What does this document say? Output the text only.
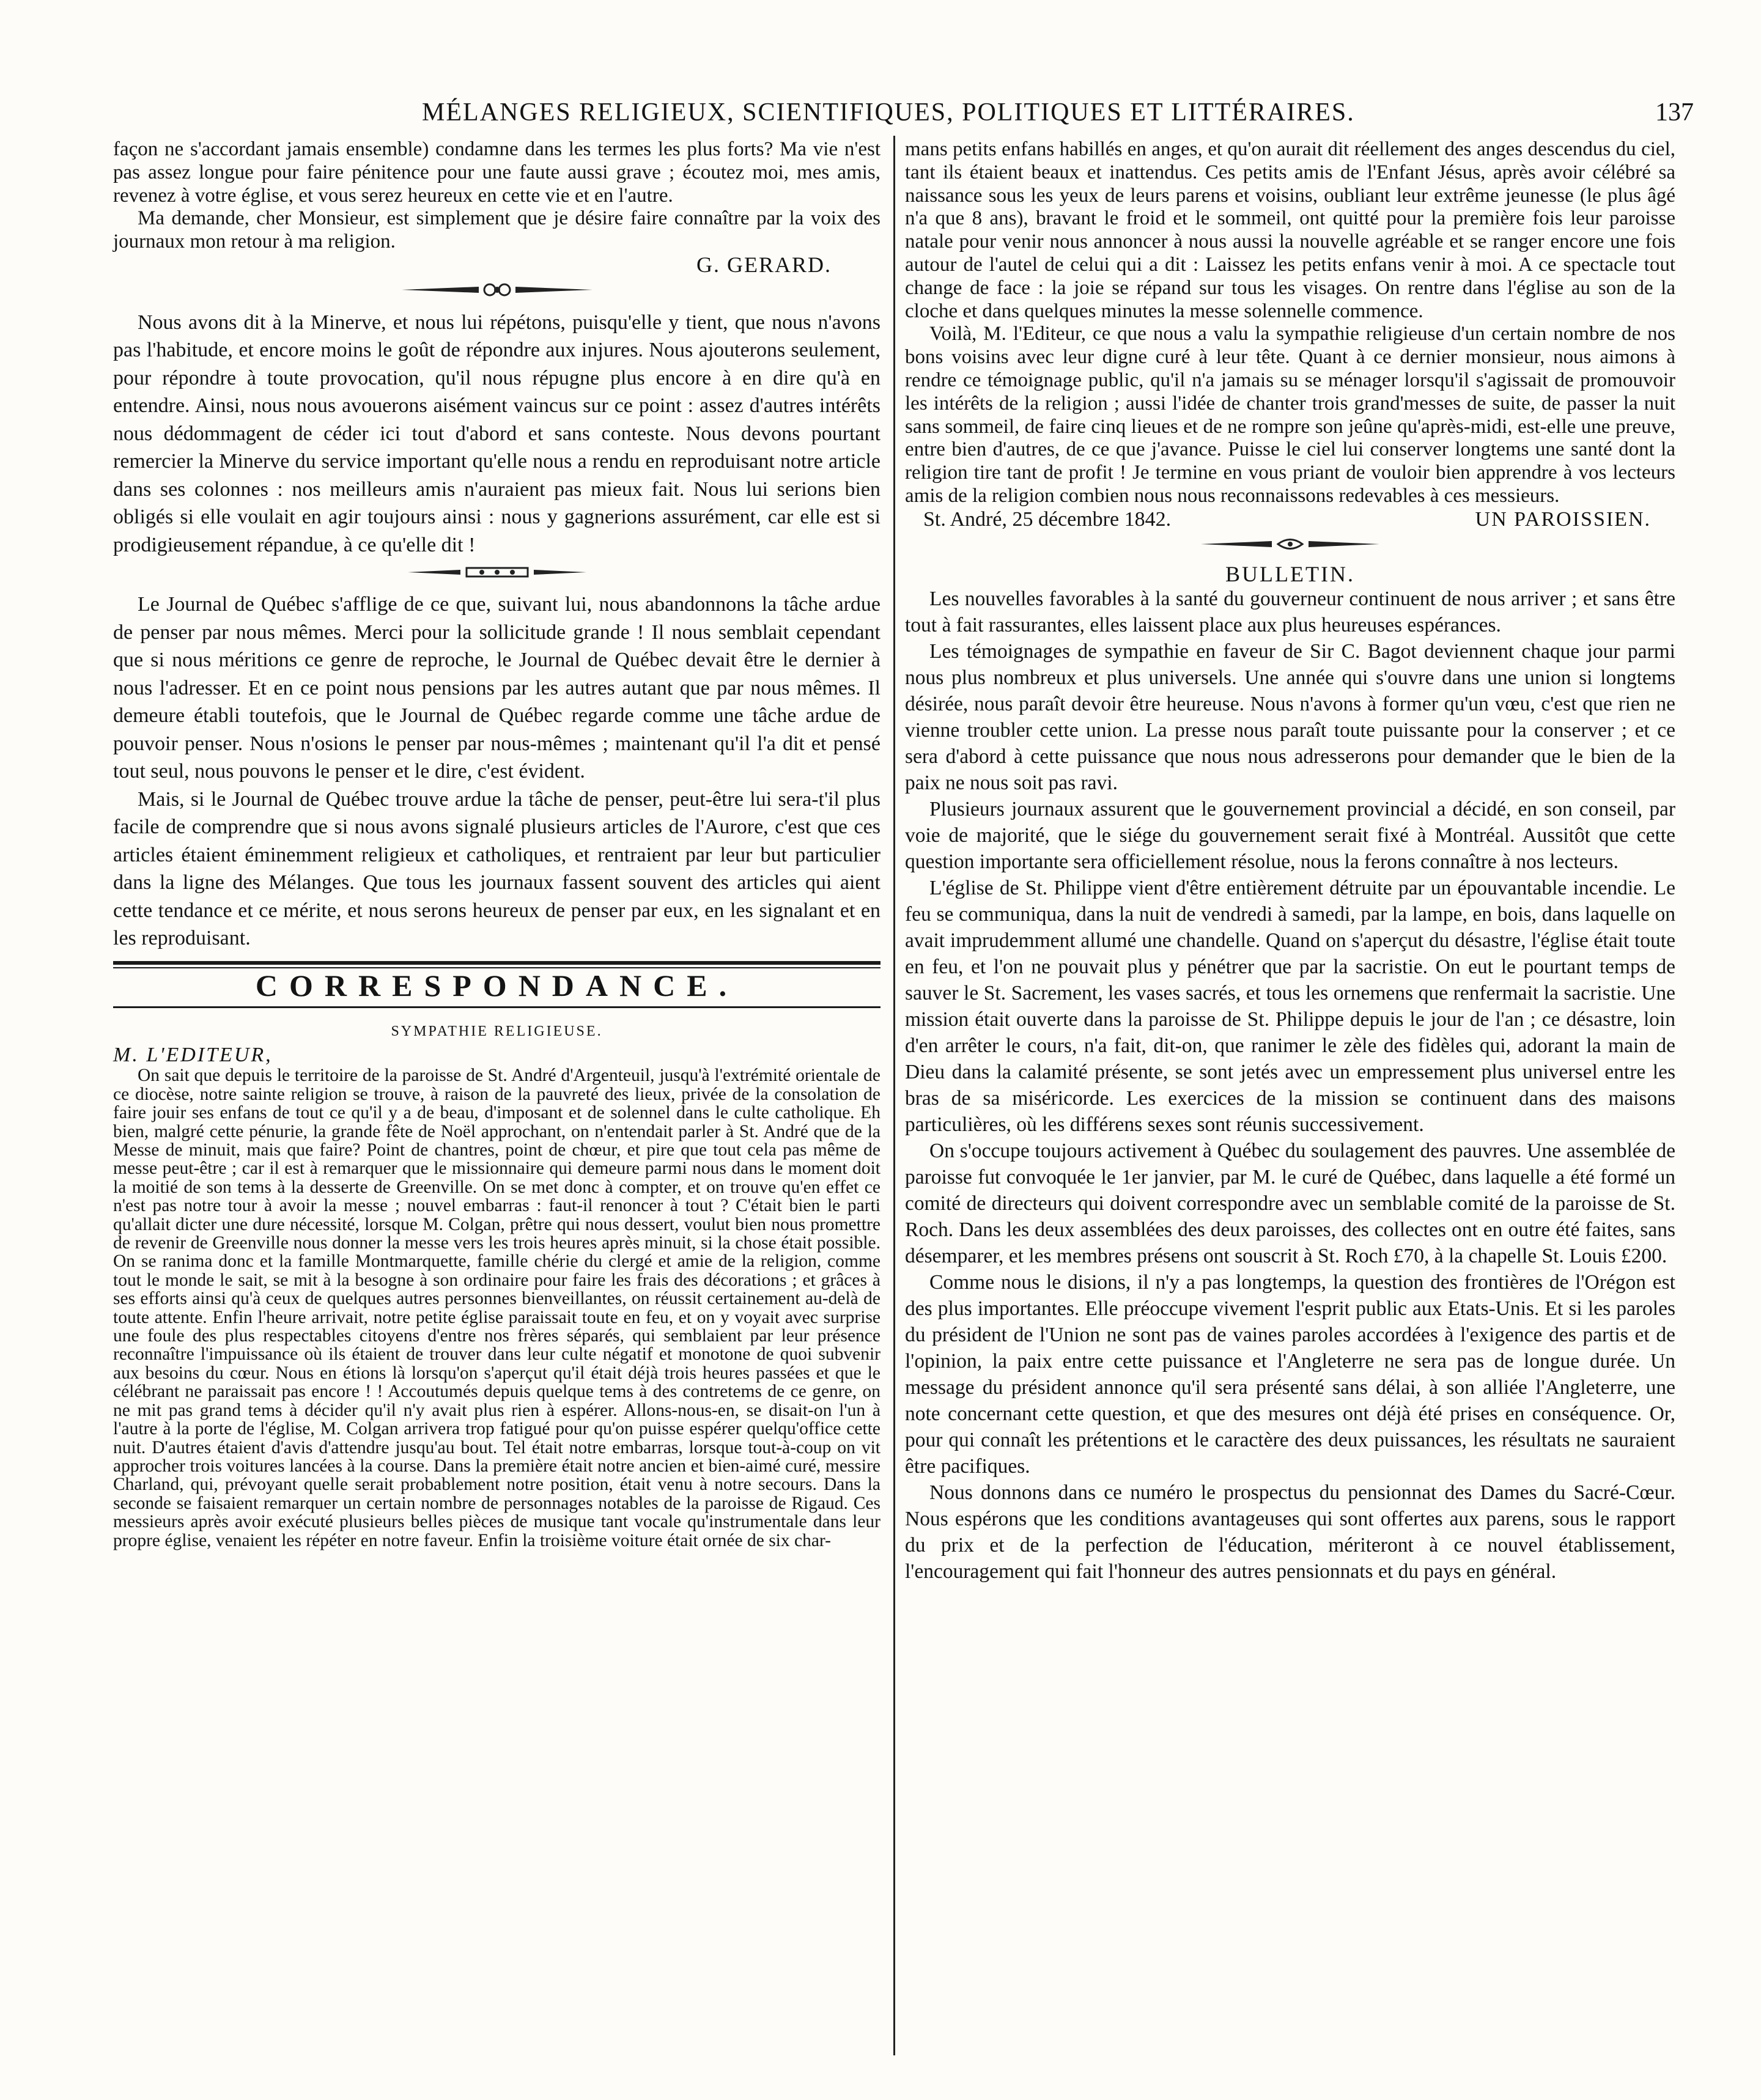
MÉLANGES RELIGIEUX, SCIENTIFIQUES, POLITIQUES ET LITTÉRAIRES.	137

façon ne s'accordant jamais ensemble) condamne dans les termes les plus forts? Ma vie n'est pas assez longue pour faire pénitence pour une faute aussi grave ; écoutez moi, mes amis, revenez à votre église, et vous serez heureux en cette vie et en l'autre.

Ma demande, cher Monsieur, est simplement que je désire faire connaître par la voix des journaux mon retour à ma religion.

G. GERARD.

Nous avons dit à la Minerve, et nous lui répétons, puisqu'elle y tient, que nous n'avons pas l'habitude, et encore moins le goût de répondre aux injures. Nous ajouterons seulement, pour répondre à toute provocation, qu'il nous répugne plus encore à en dire qu'à en entendre. Ainsi, nous nous avouerons aisément vaincus sur ce point : assez d'autres intérêts nous dédommagent de céder ici tout d'abord et sans conteste. Nous devons pourtant remercier la Minerve du service important qu'elle nous a rendu en reproduisant notre article dans ses colonnes : nos meilleurs amis n'auraient pas mieux fait. Nous lui serions bien obligés si elle voulait en agir toujours ainsi : nous y gagnerions assurément, car elle est si prodigieusement répandue, à ce qu'elle dit !

Le Journal de Québec s'afflige de ce que, suivant lui, nous abandonnons la tâche ardue de penser par nous mêmes. Merci pour la sollicitude grande ! Il nous semblait cependant que si nous méritions ce genre de reproche, le Journal de Québec devait être le dernier à nous l'adresser. Et en ce point nous pensions par les autres autant que par nous mêmes. Il demeure établi toutefois, que le Journal de Québec regarde comme une tâche ardue de pouvoir penser. Nous n'osions le penser par nous-mêmes ; maintenant qu'il l'a dit et pensé tout seul, nous pouvons le penser et le dire, c'est évident.

Mais, si le Journal de Québec trouve ardue la tâche de penser, peut-être lui sera-t'il plus facile de comprendre que si nous avons signalé plusieurs articles de l'Aurore, c'est que ces articles étaient éminemment religieux et catholiques, et rentraient par leur but particulier dans la ligne des Mélanges. Que tous les journaux fassent souvent des articles qui aient cette tendance et ce mérite, et nous serons heureux de penser par eux, en les signalant et en les reproduisant.

CORRESPONDANCE.

SYMPATHIE RELIGIEUSE.

M. L'EDITEUR,

On sait que depuis le territoire de la paroisse de St. André d'Argenteuil, jusqu'à l'extrémité orientale de ce diocèse, notre sainte religion se trouve, à raison de la pauvreté des lieux, privée de la consolation de faire jouir ses enfans de tout ce qu'il y a de beau, d'imposant et de solennel dans le culte catholique. Eh bien, malgré cette pénurie, la grande fête de Noël approchant, on n'entendait parler à St. André que de la Messe de minuit, mais que faire? Point de chantres, point de chœur, et pire que tout cela pas même de messe peut-être ; car il est à remarquer que le missionnaire qui demeure parmi nous dans le moment doit la moitié de son tems à la desserte de Greenville. On se met donc à compter, et on trouve qu'en effet ce n'est pas notre tour à avoir la messe ; nouvel embarras : faut-il renoncer à tout ? C'était bien le parti qu'allait dicter une dure nécessité, lorsque M. Colgan, prêtre qui nous dessert, voulut bien nous promettre de revenir de Greenville nous donner la messe vers les trois heures après minuit, si la chose était possible. On se ranima donc et la famille Montmarquette, famille chérie du clergé et amie de la religion, comme tout le monde le sait, se mit à la besogne à son ordinaire pour faire les frais des décorations ; et grâces à ses efforts ainsi qu'à ceux de quelques autres personnes bienveillantes, on réussit certainement au-delà de toute attente. Enfin l'heure arrivait, notre petite église paraissait toute en feu, et on y voyait avec surprise une foule des plus respectables citoyens d'entre nos frères séparés, qui semblaient par leur présence reconnaître l'impuissance où ils étaient de trouver dans leur culte négatif et monotone de quoi subvenir aux besoins du cœur. Nous en étions là lorsqu'on s'aperçut qu'il était déjà trois heures passées et que le célébrant ne paraissait pas encore ! ! Accoutumés depuis quelque tems à des contretems de ce genre, on ne mit pas grand tems à décider qu'il n'y avait plus rien à espérer. Allons-nous-en, se disait-on l'un à l'autre à la porte de l'église, M. Colgan arrivera trop fatigué pour qu'on puisse espérer quelqu'office cette nuit. D'autres étaient d'avis d'attendre jusqu'au bout. Tel était notre embarras, lorsque tout-à-coup on vit approcher trois voitures lancées à la course. Dans la première était notre ancien et bien-aimé curé, messire Charland, qui, prévoyant quelle serait probablement notre position, était venu à notre secours. Dans la seconde se faisaient remarquer un certain nombre de personnages notables de la paroisse de Rigaud. Ces messieurs après avoir exécuté plusieurs belles pièces de musique tant vocale qu'instrumentale dans leur propre église, venaient les répéter en notre faveur. Enfin la troisième voiture était ornée de six char-

mans petits enfans habillés en anges, et qu'on aurait dit réellement des anges descendus du ciel, tant ils étaient beaux et inattendus. Ces petits amis de l'Enfant Jésus, après avoir célébré sa naissance sous les yeux de leurs parens et voisins, oubliant leur extrême jeunesse (le plus âgé n'a que 8 ans), bravant le froid et le sommeil, ont quitté pour la première fois leur paroisse natale pour venir nous annoncer à nous aussi la nouvelle agréable et se ranger encore une fois autour de l'autel de celui qui a dit : Laissez les petits enfans venir à moi. A ce spectacle tout change de face : la joie se répand sur tous les visages. On rentre dans l'église au son de la cloche et dans quelques minutes la messe solennelle commence.

Voilà, M. l'Editeur, ce que nous a valu la sympathie religieuse d'un certain nombre de nos bons voisins avec leur digne curé à leur tête. Quant à ce dernier monsieur, nous aimons à rendre ce témoignage public, qu'il n'a jamais su se ménager lorsqu'il s'agissait de promouvoir les intérêts de la religion ; aussi l'idée de chanter trois grand'messes de suite, de passer la nuit sans sommeil, de faire cinq lieues et de ne rompre son jeûne qu'après-midi, est-elle une preuve, entre bien d'autres, de ce que j'avance. Puisse le ciel lui conserver longtems une santé dont la religion tire tant de profit ! Je termine en vous priant de vouloir bien apprendre à vos lecteurs amis de la religion combien nous nous reconnaissons redevables à ces messieurs.

St. André, 25 décembre 1842.	UN PAROISSIEN.

BULLETIN.

Les nouvelles favorables à la santé du gouverneur continuent de nous arriver ; et sans être tout à fait rassurantes, elles laissent place aux plus heureuses espérances.

Les témoignages de sympathie en faveur de Sir C. Bagot deviennent chaque jour parmi nous plus nombreux et plus universels. Une année qui s'ouvre dans une union si longtems désirée, nous paraît devoir être heureuse. Nous n'avons à former qu'un vœu, c'est que rien ne vienne troubler cette union. La presse nous paraît toute puissante pour la conserver ; et ce sera d'abord à cette puissance que nous nous adresserons pour demander que le bien de la paix ne nous soit pas ravi.

Plusieurs journaux assurent que le gouvernement provincial a décidé, en son conseil, par voie de majorité, que le siége du gouvernement serait fixé à Montréal. Aussitôt que cette question importante sera officiellement résolue, nous la ferons connaître à nos lecteurs.

L'église de St. Philippe vient d'être entièrement détruite par un épouvantable incendie. Le feu se communiqua, dans la nuit de vendredi à samedi, par la lampe, en bois, dans laquelle on avait imprudemment allumé une chandelle. Quand on s'aperçut du désastre, l'église était toute en feu, et l'on ne pouvait plus y pénétrer que par la sacristie. On eut le pourtant temps de sauver le St. Sacrement, les vases sacrés, et tous les ornemens que renfermait la sacristie. Une mission était ouverte dans la paroisse de St. Philippe depuis le jour de l'an ; ce désastre, loin d'en arrêter le cours, n'a fait, dit-on, que ranimer le zèle des fidèles qui, adorant la main de Dieu dans la calamité présente, se sont jetés avec un empressement plus universel entre les bras de sa miséricorde. Les exercices de la mission se continuent dans des maisons particulières, où les différens sexes sont réunis successivement.

On s'occupe toujours activement à Québec du soulagement des pauvres. Une assemblée de paroisse fut convoquée le 1er janvier, par M. le curé de Québec, dans laquelle a été formé un comité de directeurs qui doivent correspondre avec un semblable comité de la paroisse de St. Roch. Dans les deux assemblées des deux paroisses, des collectes ont en outre été faites, sans désemparer, et les membres présens ont souscrit à St. Roch £70, à la chapelle St. Louis £200.

Comme nous le disions, il n'y a pas longtemps, la question des frontières de l'Orégon est des plus importantes. Elle préoccupe vivement l'esprit public aux Etats-Unis. Et si les paroles du président de l'Union ne sont pas de vaines paroles accordées à l'exigence des partis et de l'opinion, la paix entre cette puissance et l'Angleterre ne sera pas de longue durée. Un message du président annonce qu'il sera présenté sans délai, à son alliée l'Angleterre, une note concernant cette question, et que des mesures ont déjà été prises en conséquence. Or, pour qui connaît les prétentions et le caractère des deux puissances, les résultats ne sauraient être pacifiques.

Nous donnons dans ce numéro le prospectus du pensionnat des Dames du Sacré-Cœur. Nous espérons que les conditions avantageuses qui sont offertes aux parens, sous le rapport du prix et de la perfection de l'éducation, mériteront à ce nouvel établissement, l'encouragement qui fait l'honneur des autres pensionnats et du pays en général.
